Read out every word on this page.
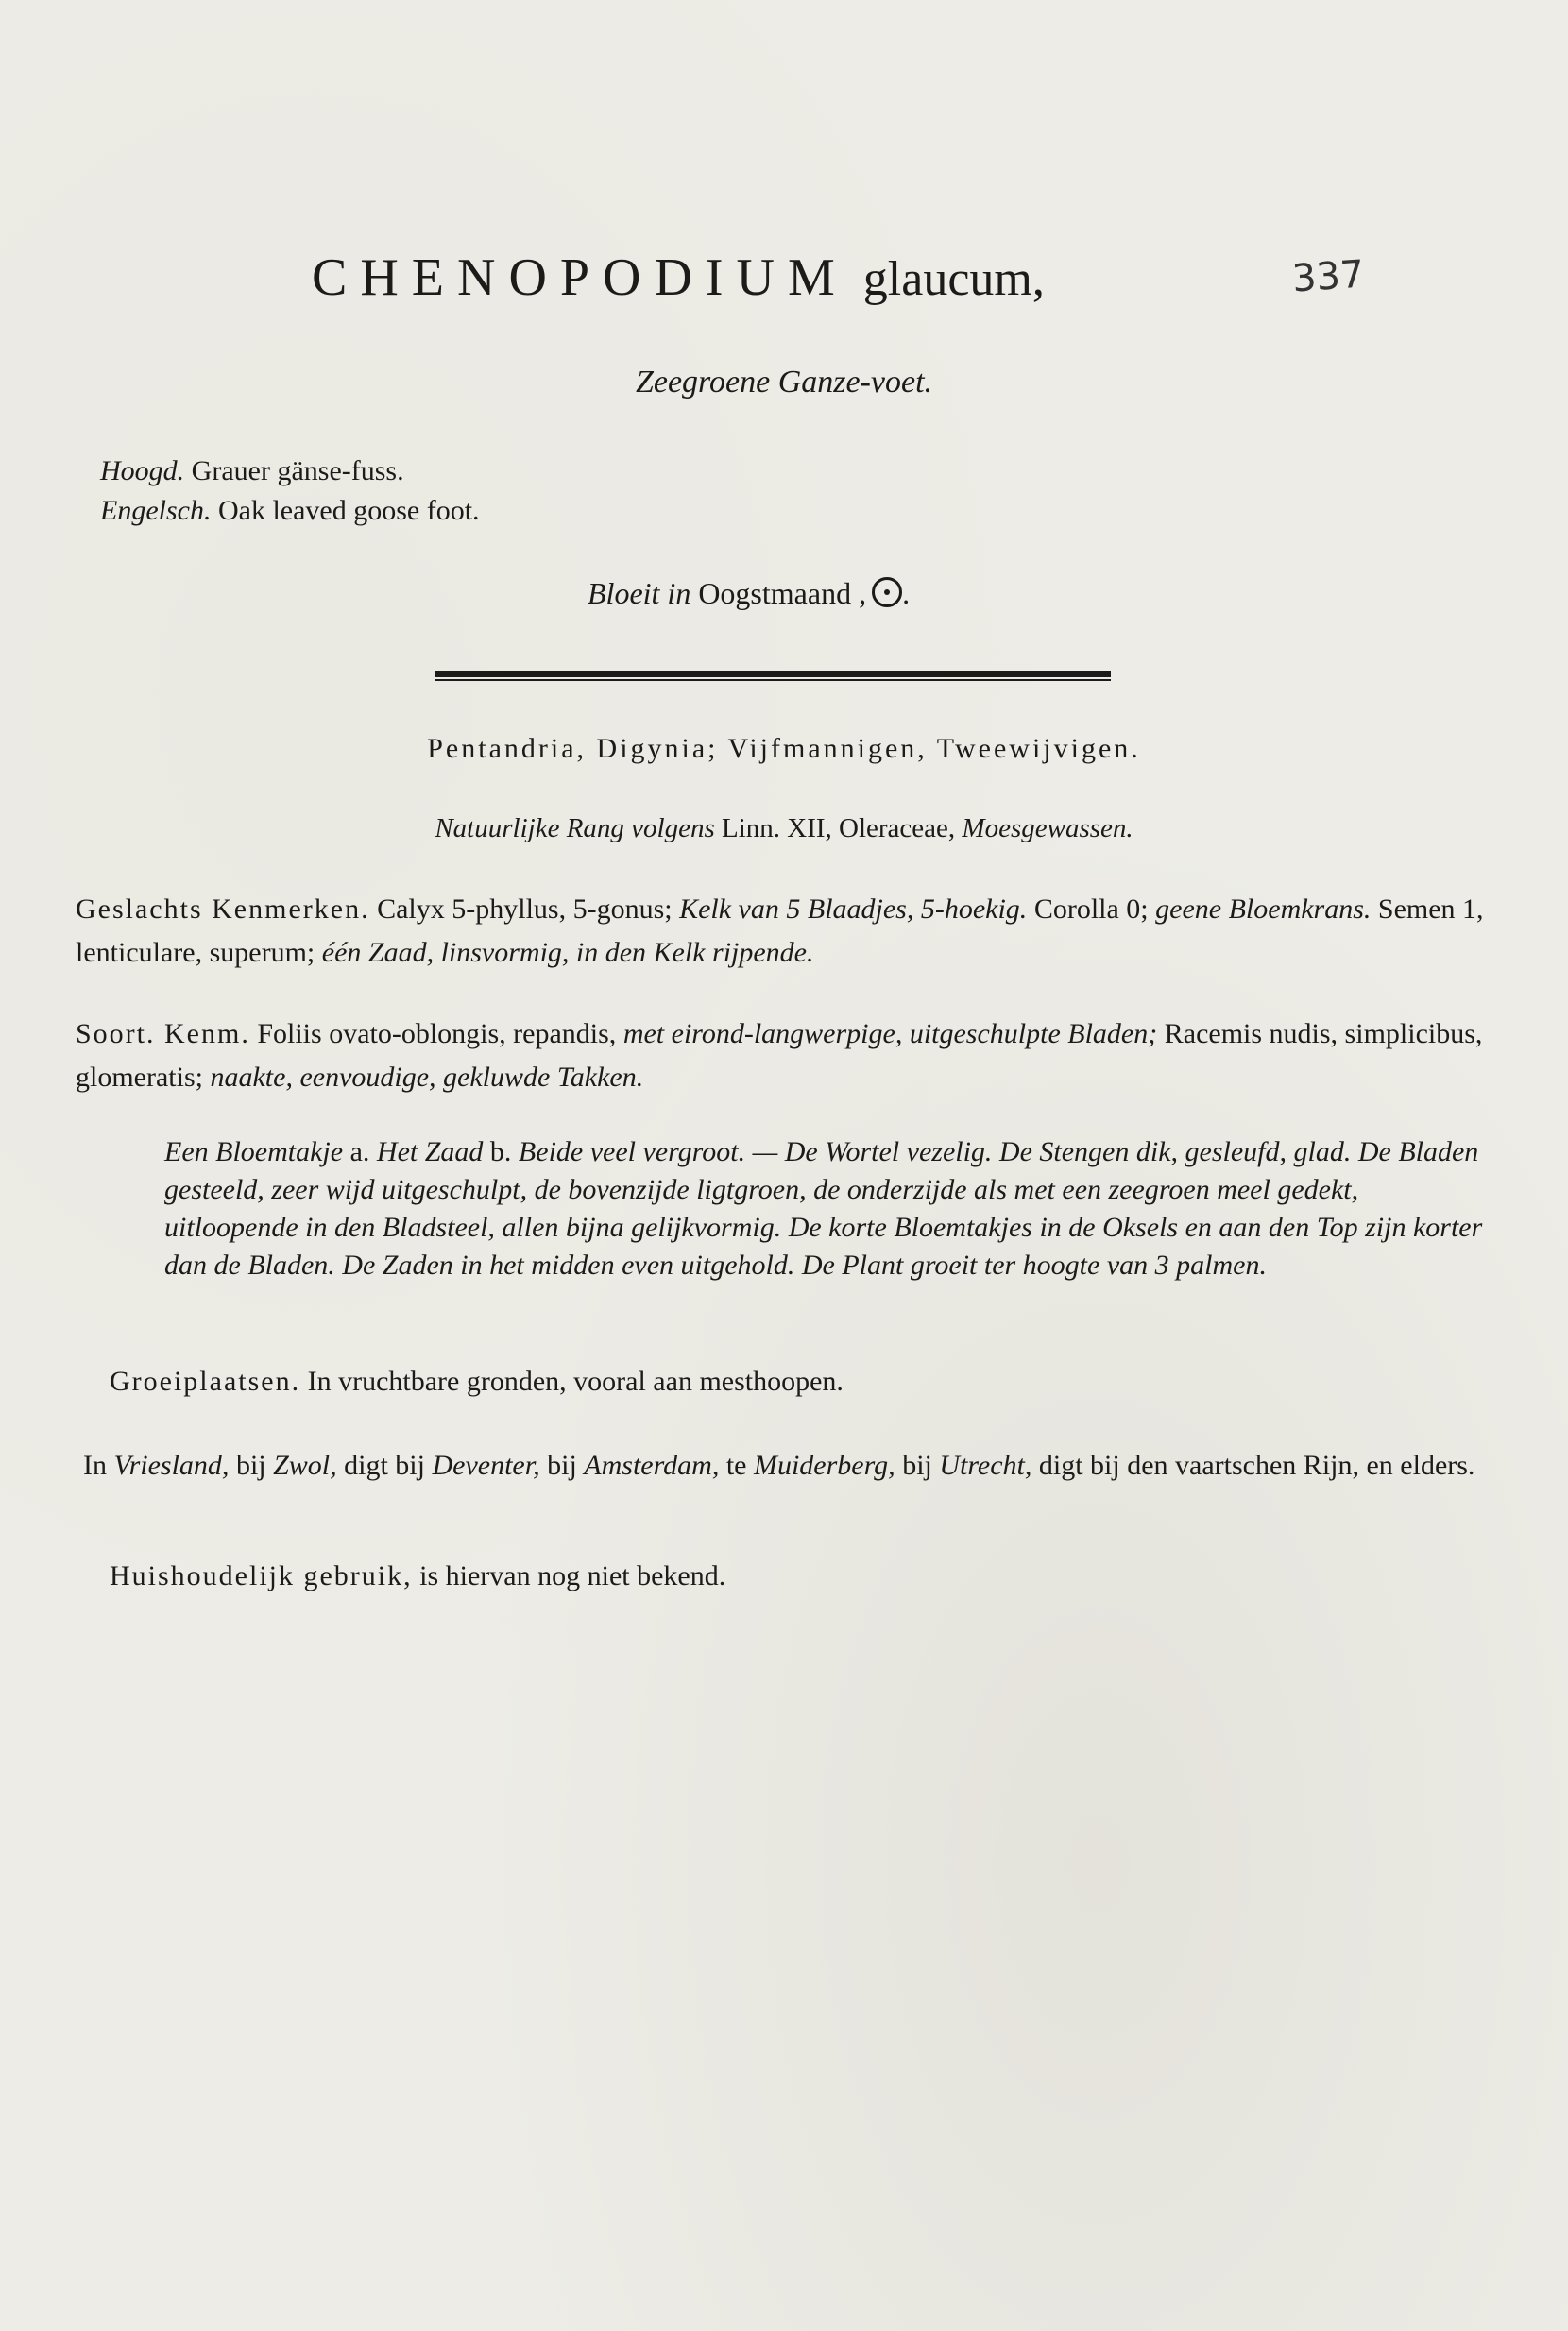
CHENOPODIUM glaucum,	337
Zeegroene Ganze-voet.
Hoogd. Grauer gänse-fuss.
Engelsch. Oak leaved goose foot.
Bloeit in Oogstmaand , .
Pentandria, Digynia; Vijfmannigen, Tweewijvigen.
Natuurlijke Rang volgens Linn. XII, Oleraceae, Moesgewassen.
Geslachts Kenmerken. Calyx 5-phyllus, 5-gonus; Kelk van 5 Blaadjes, 5-hoekig. Corolla 0; geene Bloemkrans. Semen 1, lenticulare, superum; één Zaad, linsvormig, in den Kelk rijpende.
Soort. Kenm. Foliis ovato-oblongis, repandis, met eirond-langwerpige, uitgeschulpte Bladen; Racemis nudis, simplicibus, glomeratis; naakte, eenvoudige, gekluwde Takken.
Een Bloemtakje a. Het Zaad b. Beide veel vergroot. — De Wortel vezelig. De Stengen dik, gesleufd, glad. De Bladen gesteeld, zeer wijd uitgeschulpt, de bovenzijde ligtgroen, de onderzijde als met een zeegroen meel gedekt, uitloopende in den Bladsteel, allen bijna gelijkvormig. De korte Bloemtakjes in de Oksels en aan den Top zijn korter dan de Bladen. De Zaden in het midden even uitgehold. De Plant groeit ter hoogte van 3 palmen.
Groeiplaatsen. In vruchtbare gronden, vooral aan mesthoopen.
In Vriesland, bij Zwol, digt bij Deventer, bij Amsterdam, te Muiderberg, bij Utrecht, digt bij den vaartschen Rijn, en elders.
Huishoudelijk gebruik, is hiervan nog niet bekend.
